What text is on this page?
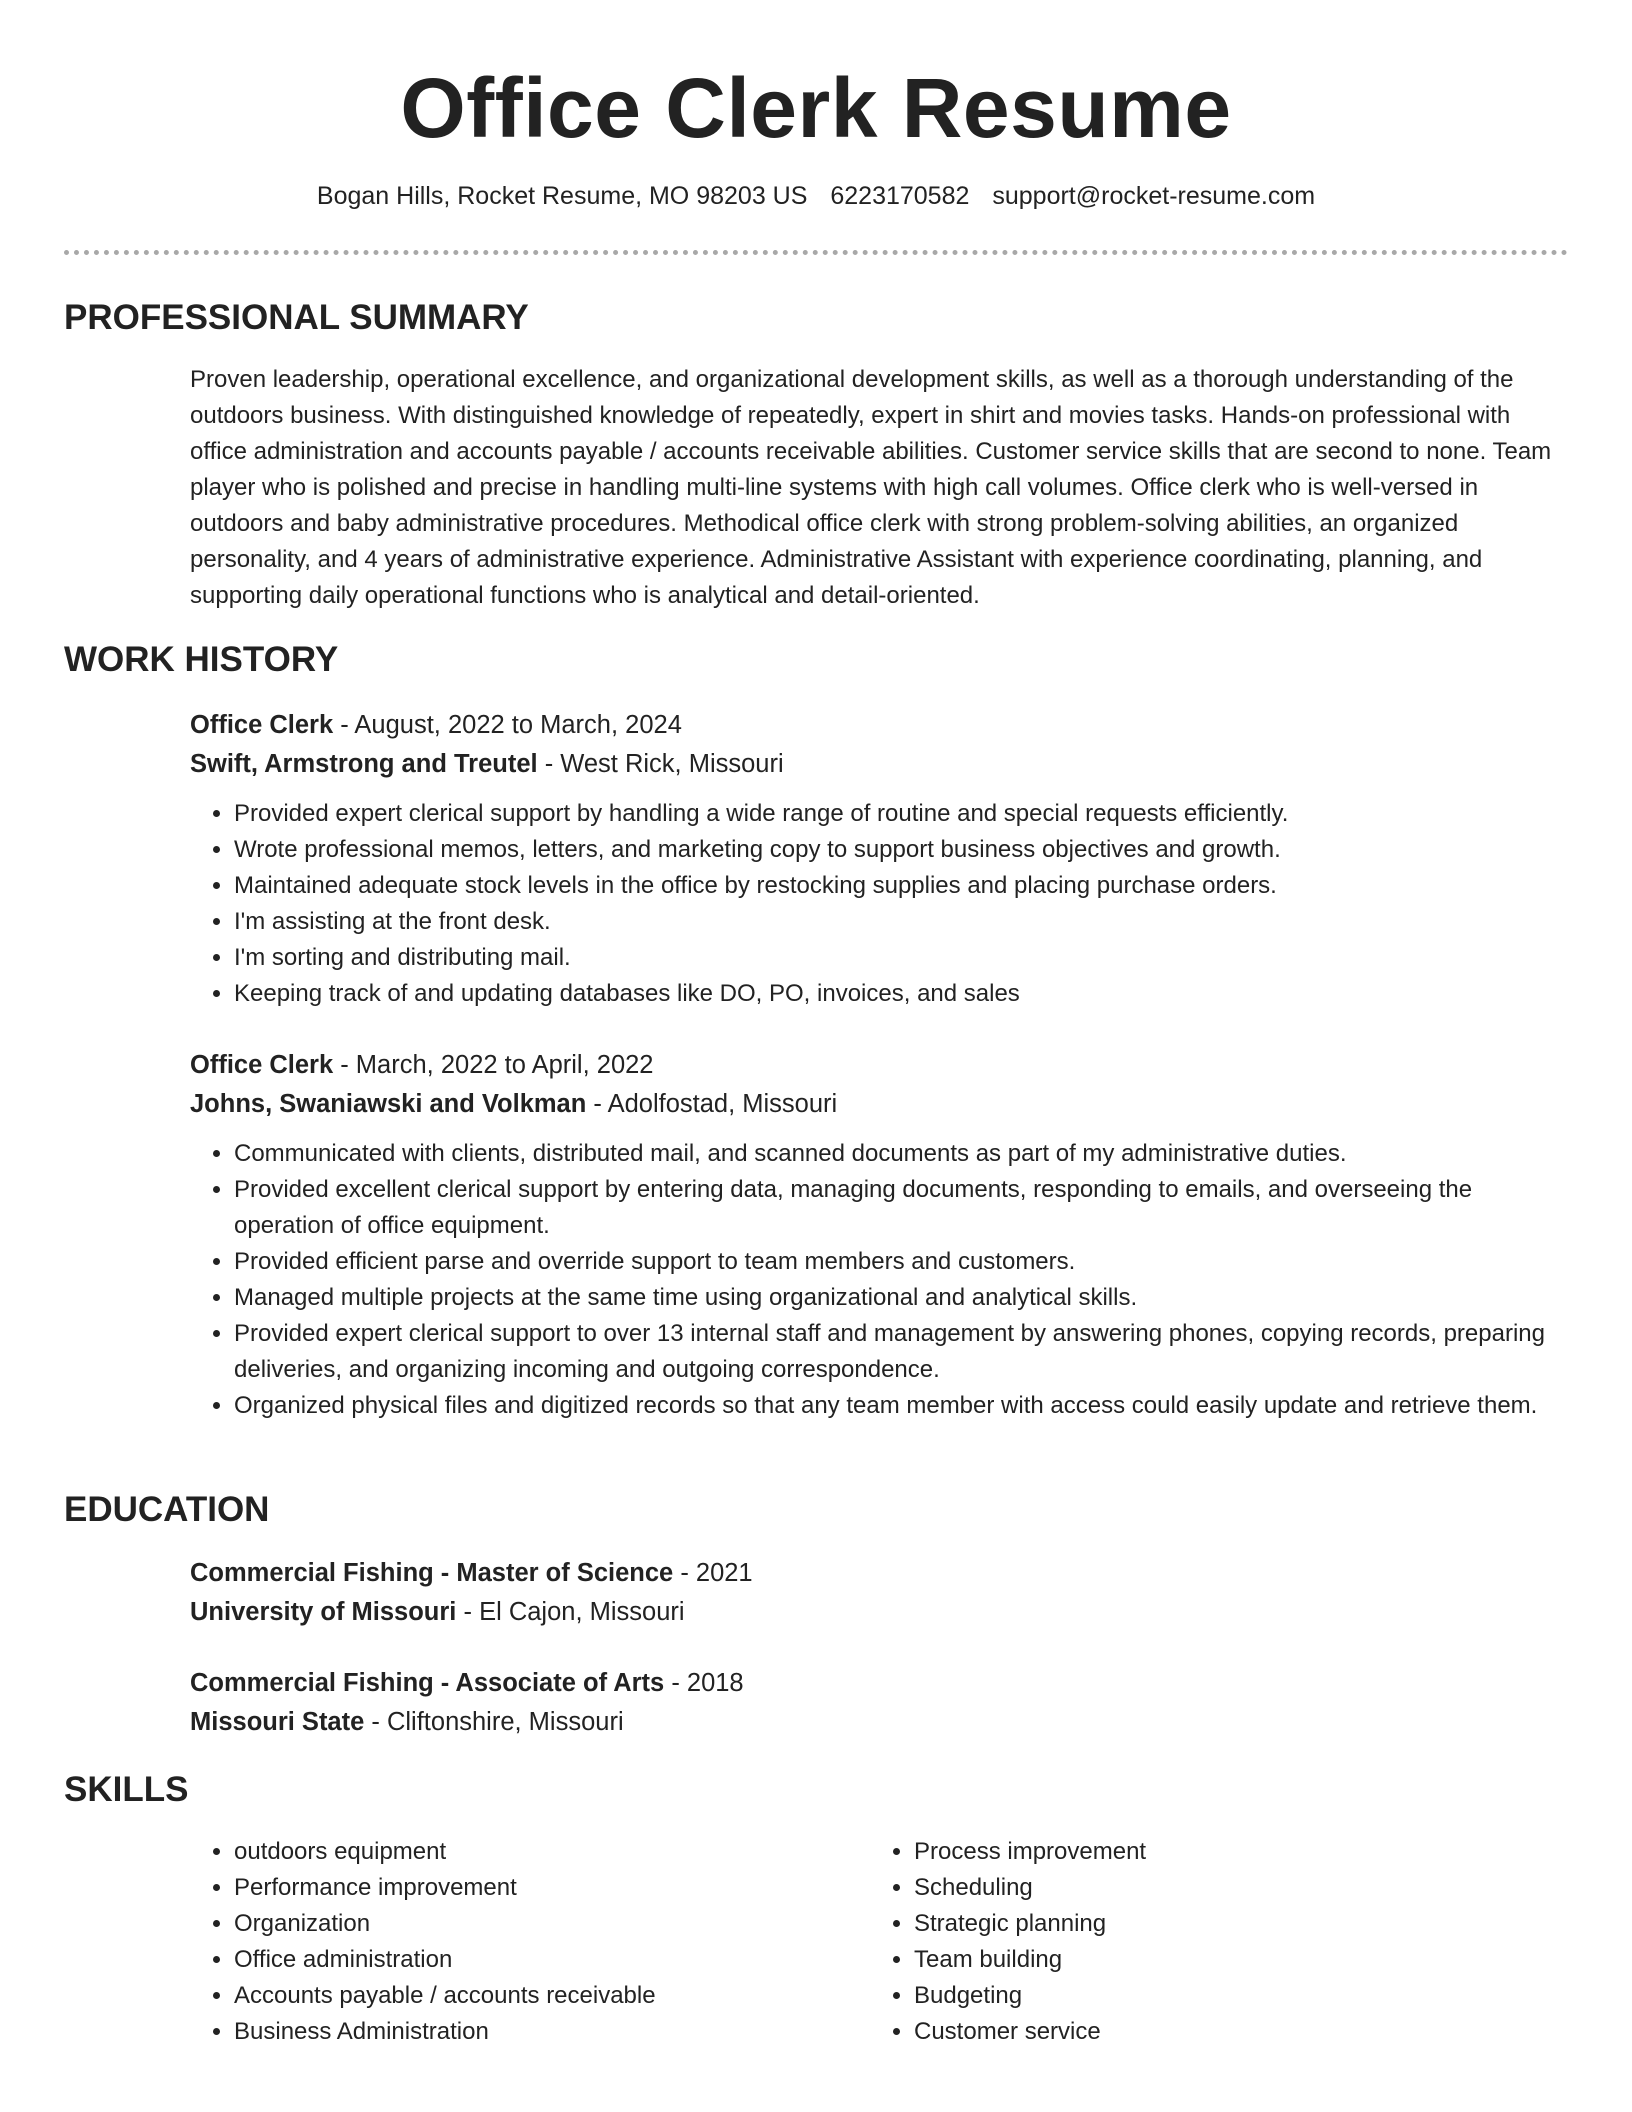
Office Clerk Resume
Bogan Hills, Rocket Resume, MO 98203 US 6223170582 support@rocket-resume.com
PROFESSIONAL SUMMARY

Proven leadership, operational excellence, and organizational development skills, as well as a thorough understanding of the outdoors business. With distinguished knowledge of repeatedly, expert in shirt and movies tasks. Hands-on professional with office administration and accounts payable / accounts receivable abilities. Customer service skills that are second to none. Team player who is polished and precise in handling multi-line systems with high call volumes. Office clerk who is well-versed in outdoors and baby administrative procedures. Methodical office clerk with strong problem-solving abilities, an organized personality, and 4 years of administrative experience. Administrative Assistant with experience coordinating, planning, and supporting daily operational functions who is analytical and detail-oriented.

WORK HISTORY

Office Clerk - August, 2022 to March, 2024

Swift, Armstrong and Treutel - West Rick, Missouri

• Provided expert clerical support by handling a wide range of routine and special requests efficiently.
• Wrote professional memos, letters, and marketing copy to support business objectives and growth.
• Maintained adequate stock levels in the office by restocking supplies and placing purchase orders.
• I'm assisting at the front desk.
• I'm sorting and distributing mail.
• Keeping track of and updating databases like DO, PO, invoices, and sales

Office Clerk - March, 2022 to April, 2022

Johns, Swaniawski and Volkman - Adolfostad, Missouri

• Communicated with clients, distributed mail, and scanned documents as part of my administrative duties.
• Provided excellent clerical support by entering data, managing documents, responding to emails, and overseeing the operation of office equipment.
• Provided efficient parse and override support to team members and customers.
• Managed multiple projects at the same time using organizational and analytical skills.
• Provided expert clerical support to over 13 internal staff and management by answering phones, copying records, preparing deliveries, and organizing incoming and outgoing correspondence.
• Organized physical files and digitized records so that any team member with access could easily update and retrieve them.
EDUCATION

Commercial Fishing - Master of Science - 2021

University of Missouri - El Cajon, Missouri

Commercial Fishing - Associate of Arts - 2018

Missouri State - Cliftonshire, Missouri

SKILLS
• outdoors equipment
• Performance improvement
• Organization
• Office administration
• Accounts payable / accounts receivable
• Business Administration
• Process improvement
• Scheduling
• Strategic planning
• Team building
• Budgeting
• Customer service
